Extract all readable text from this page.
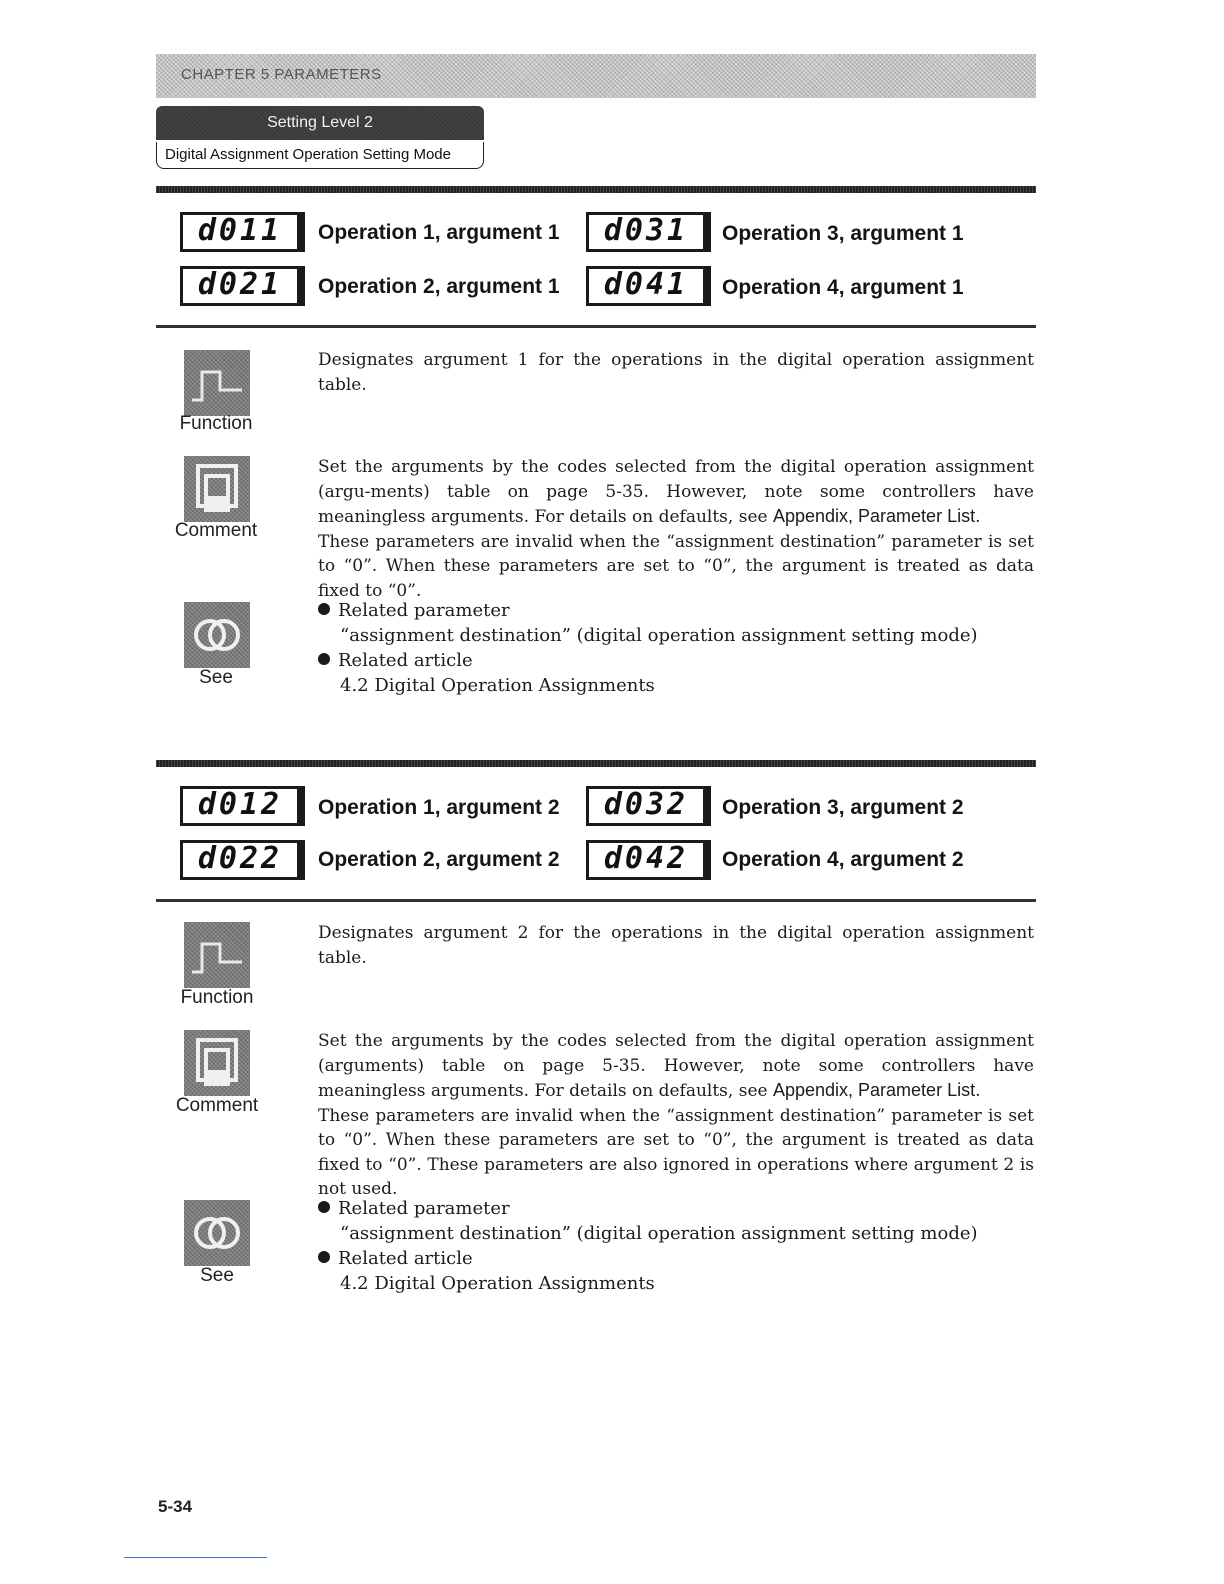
CHAPTER 5 PARAMETERS
Setting Level 2
Digital Assignment Operation Setting Mode
d011	Operation 1, argument 1
d021	Operation 2, argument 1
d031	Operation 3, argument 1
d041	Operation 4, argument 1
Function

Designates argument 1 for the operations in the digital operation assignment table.

Comment

Set the arguments by the codes selected from the digital operation assignment (argu-ments) table on page 5-35. However, note some controllers have meaningless arguments. For details on defaults, see Appendix, Parameter List.

These parameters are invalid when the “assignment destination” parameter is set to “0”. When these parameters are set to “0”, the argument is treated as data fixed to “0”.

See
Related parameter
“assignment destination” (digital operation assignment setting mode)
Related article
4.2 Digital Operation Assignments
d012	Operation 1, argument 2
d022	Operation 2, argument 2
d032	Operation 3, argument 2
d042	Operation 4, argument 2
Function

Designates argument 2 for the operations in the digital operation assignment table.

Comment

Set the arguments by the codes selected from the digital operation assignment (arguments) table on page 5-35. However, note some controllers have meaningless arguments. For details on defaults, see Appendix, Parameter List.

These parameters are invalid when the “assignment destination” parameter is set to “0”. When these parameters are set to “0”, the argument is treated as data fixed to “0”. These parameters are also ignored in operations where argument 2 is not used.

See
Related parameter
“assignment destination” (digital operation assignment setting mode)
Related article
4.2 Digital Operation Assignments
5-34
